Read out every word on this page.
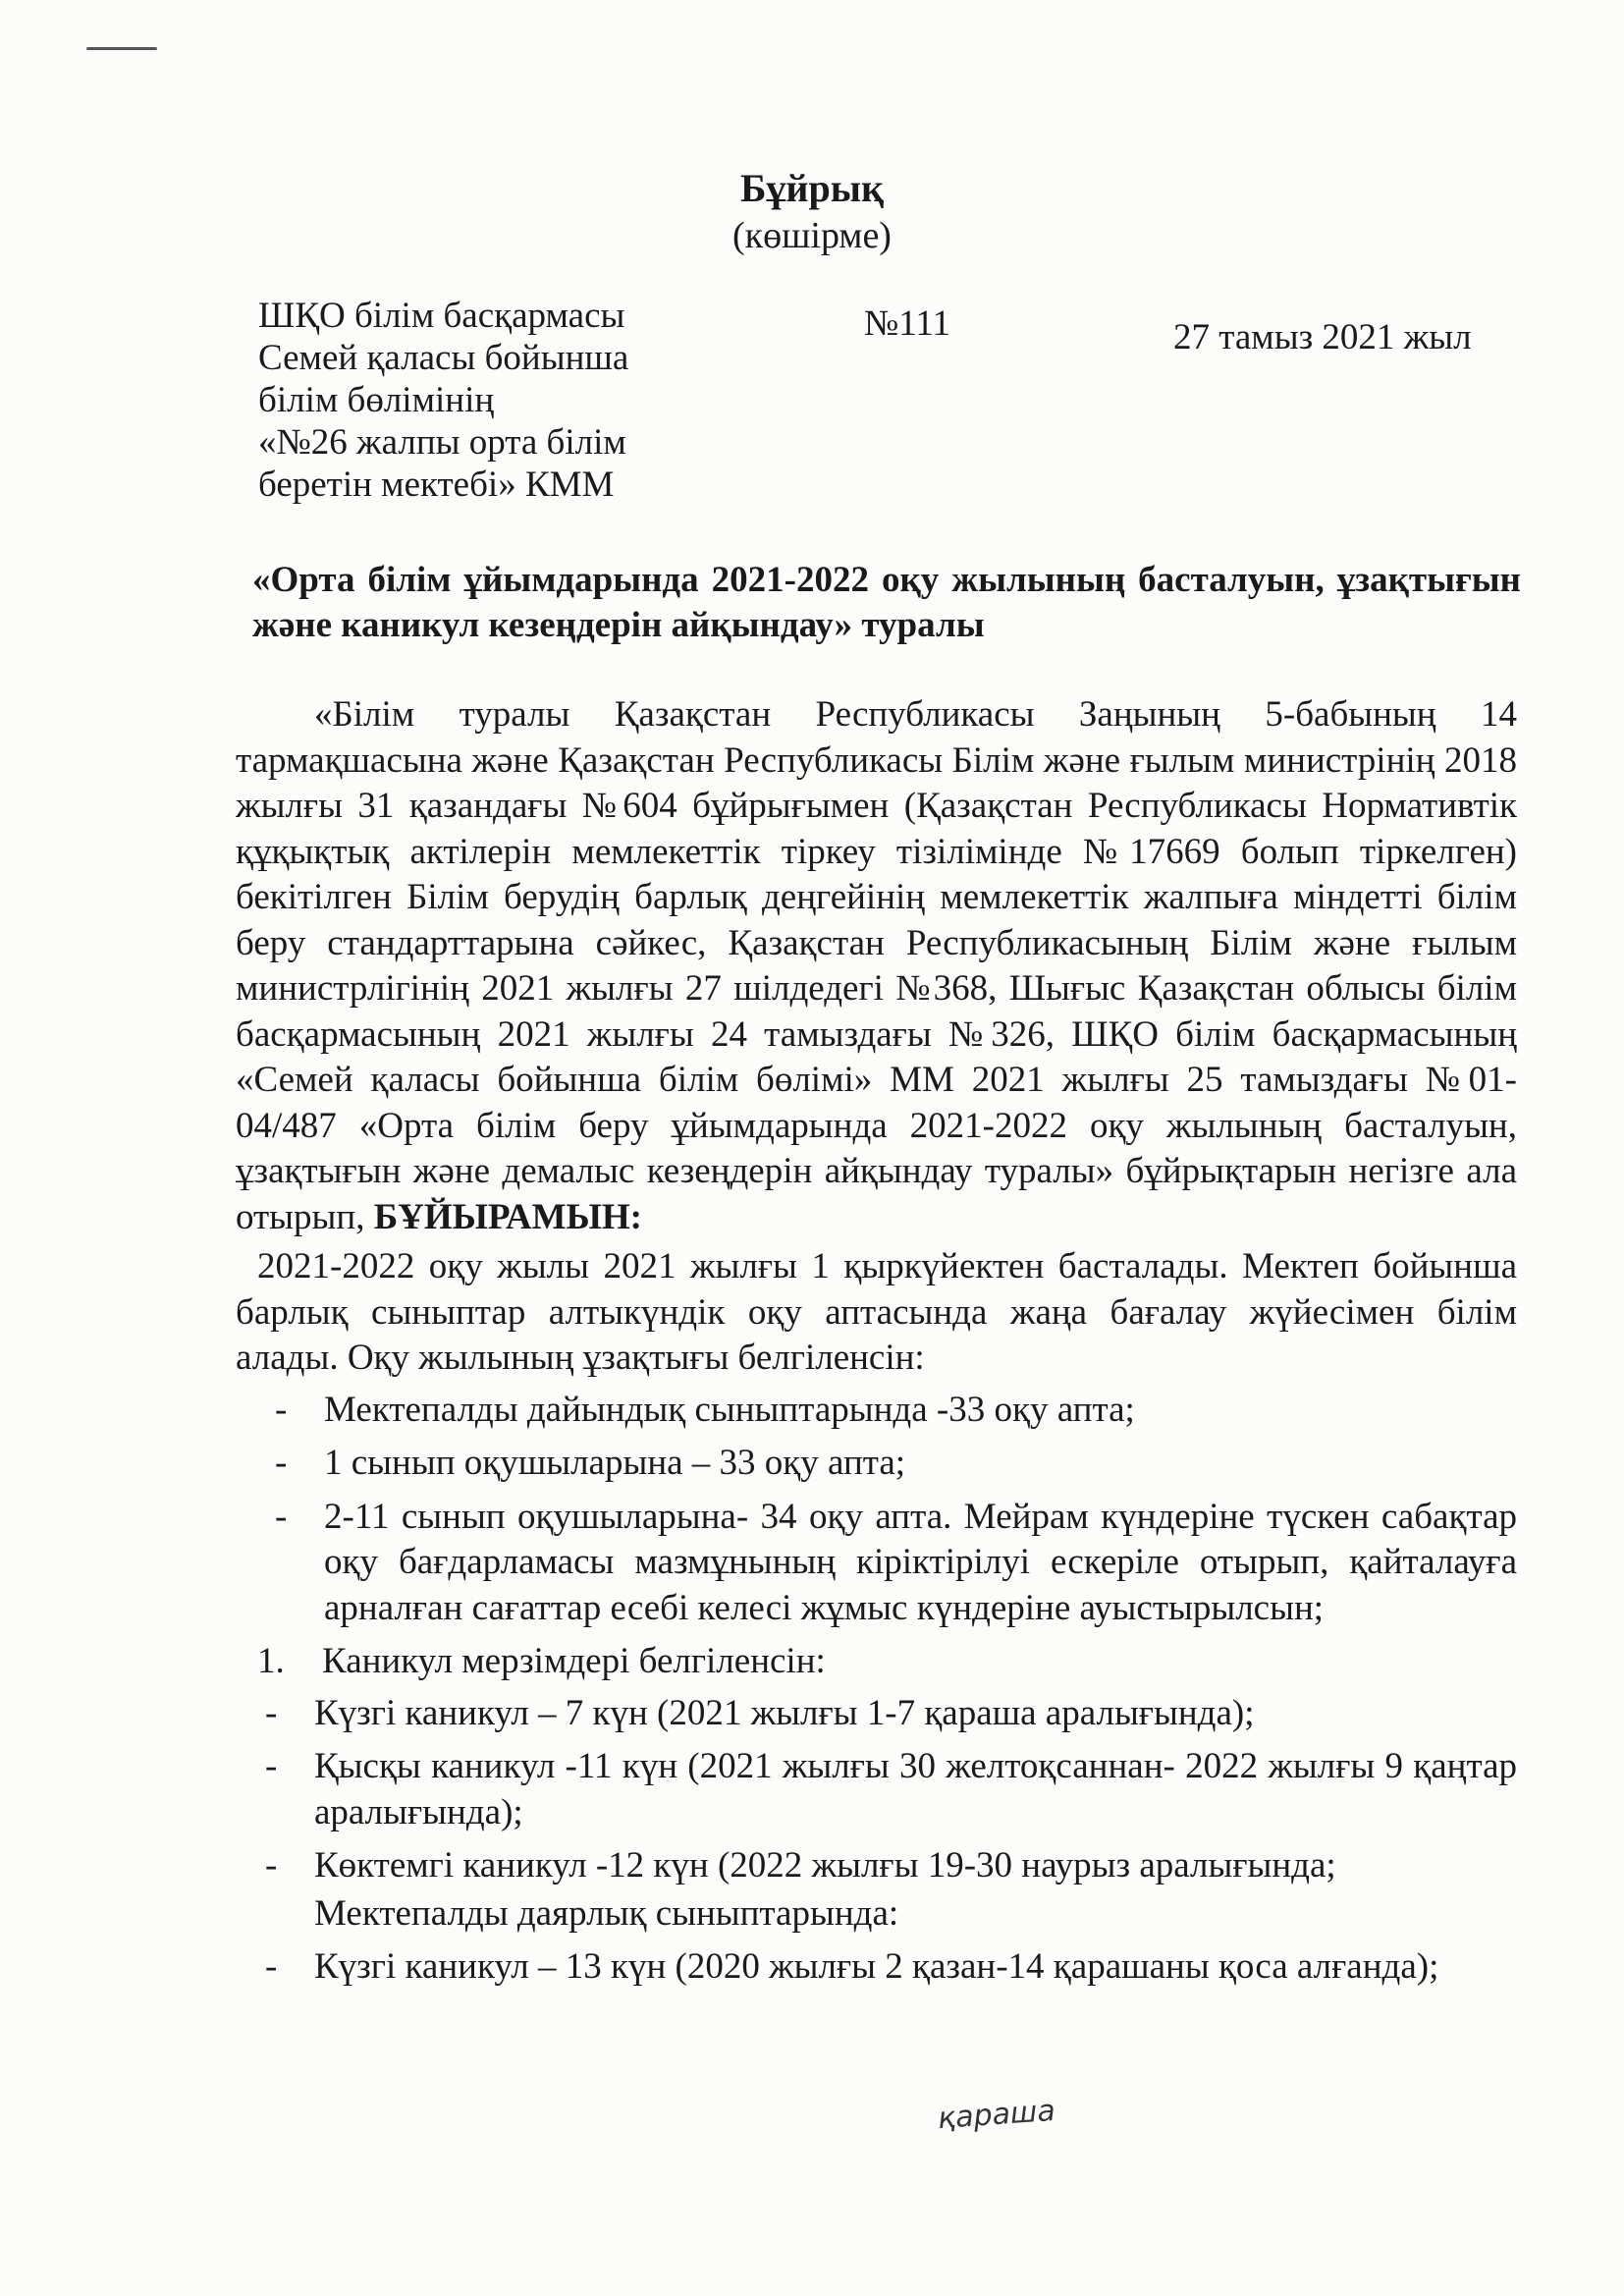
Бұйрық
(көшірме)
ШҚО білім басқармасы
Семей қаласы бойынша
білім бөлімінің
«№26 жалпы орта білім
беретін мектебі» КММ
№111	27 тамыз 2021 жыл
«Орта білім ұйымдарында 2021-2022 оқу жылының басталуын, ұзақтығын және каникул кезеңдерін айқындау» туралы

«Білім туралы Қазақстан Республикасы Заңының 5-бабының 14 тармақшасына және Қазақстан Республикасы Білім және ғылым министрінің 2018 жылғы 31 қазандағы №604 бұйрығымен (Қазақстан Республикасы Нормативтік құқықтық актілерін мемлекеттік тіркеу тізілімінде №17669 болып тіркелген) бекітілген Білім берудің барлық деңгейінің мемлекеттік жалпыға міндетті білім беру стандарттарына сәйкес, Қазақстан Республикасының Білім және ғылым министрлігінің 2021 жылғы 27 шілдедегі №368, Шығыс Қазақстан облысы білім басқармасының 2021 жылғы 24 тамыздағы №326, ШҚО білім басқармасының «Семей қаласы бойынша білім бөлімі» ММ 2021 жылғы 25 тамыздағы №01-04/487 «Орта білім беру ұйымдарында 2021-2022 оқу жылының басталуын, ұзақтығын және демалыс кезеңдерін айқындау туралы» бұйрықтарын негізге ала отырып, БҰЙЫРАМЫН:

2021-2022 оқу жылы 2021 жылғы 1 қыркүйектен басталады. Мектеп бойынша барлық сыныптар алтыкүндік оқу аптасында жаңа бағалау жүйесімен білім алады. Оқу жылының ұзақтығы белгіленсін:

- Мектепалды дайындық сыныптарында -33 оқу апта;
- 1 сынып оқушыларына – 33 оқу апта;
- 2-11 сынып оқушыларына- 34 оқу апта. Мейрам күндеріне түскен сабақтар оқу бағдарламасы мазмұнының кіріктірілуі ескеріле отырып, қайталауға арналған сағаттар есебі келесі жұмыс күндеріне ауыстырылсын;

1. Каникул мерзімдері белгіленсін:

- Күзгі каникул – 7 күн (2021 жылғы 1-7 қараша аралығында);
- Қысқы каникул -11 күн (2021 жылғы 30 желтоқсаннан- 2022 жылғы 9 қаңтар аралығында);
- Көктемгі каникул -12 күн (2022 жылғы 19-30 наурыз аралығында;
Мектепалды даярлық сыныптарында:
- Күзгі каникул – 13 күн (2020 жылғы 2 қазан-14 қарашаны қоса алғанда);
қараша
